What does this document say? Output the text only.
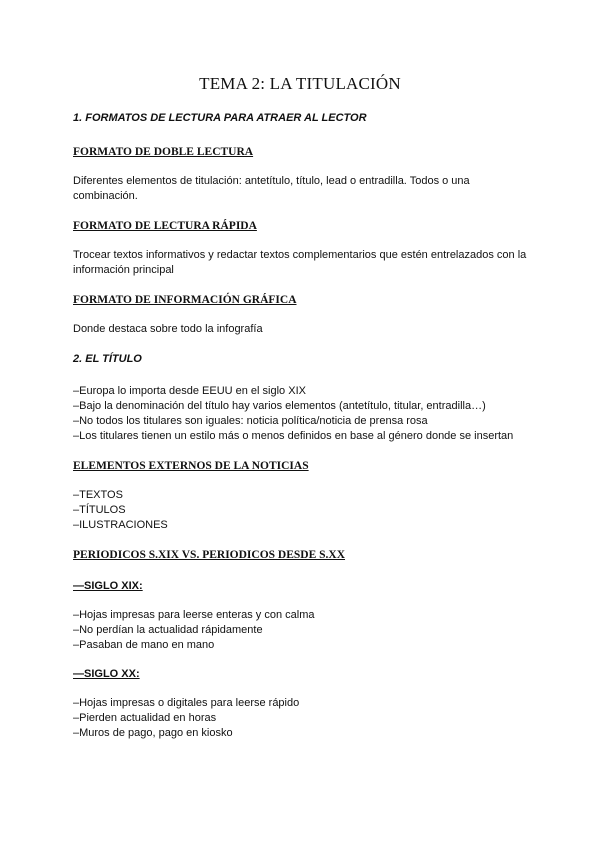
TEMA 2: LA TITULACIÓN
1. FORMATOS DE LECTURA PARA ATRAER AL LECTOR
FORMATO DE DOBLE LECTURA
Diferentes elementos de titulación: antetítulo, título, lead o entradilla. Todos o una combinación.
FORMATO DE LECTURA RÁPIDA
Trocear textos informativos y redactar textos complementarios que estén entrelazados con la información principal
FORMATO DE INFORMACIÓN GRÁFICA
Donde destaca sobre todo la infografía
2. EL TÍTULO
–Europa lo importa desde EEUU en el siglo XIX
–Bajo la denominación del título hay varios elementos (antetítulo, titular, entradilla…)
–No todos los titulares son iguales: noticia política/noticia de prensa rosa
–Los titulares tienen un estilo más o menos definidos en base al género donde se insertan
ELEMENTOS EXTERNOS DE LA NOTICIAS
–TEXTOS
–TÍTULOS
–ILUSTRACIONES
PERIODICOS S.XIX VS. PERIODICOS DESDE S.XX
—SIGLO XIX:
–Hojas impresas para leerse enteras y con calma
–No perdían la actualidad rápidamente
–Pasaban de mano en mano
—SIGLO XX:
–Hojas impresas o digitales para leerse rápido
–Pierden actualidad en horas
–Muros de pago, pago en kiosko
